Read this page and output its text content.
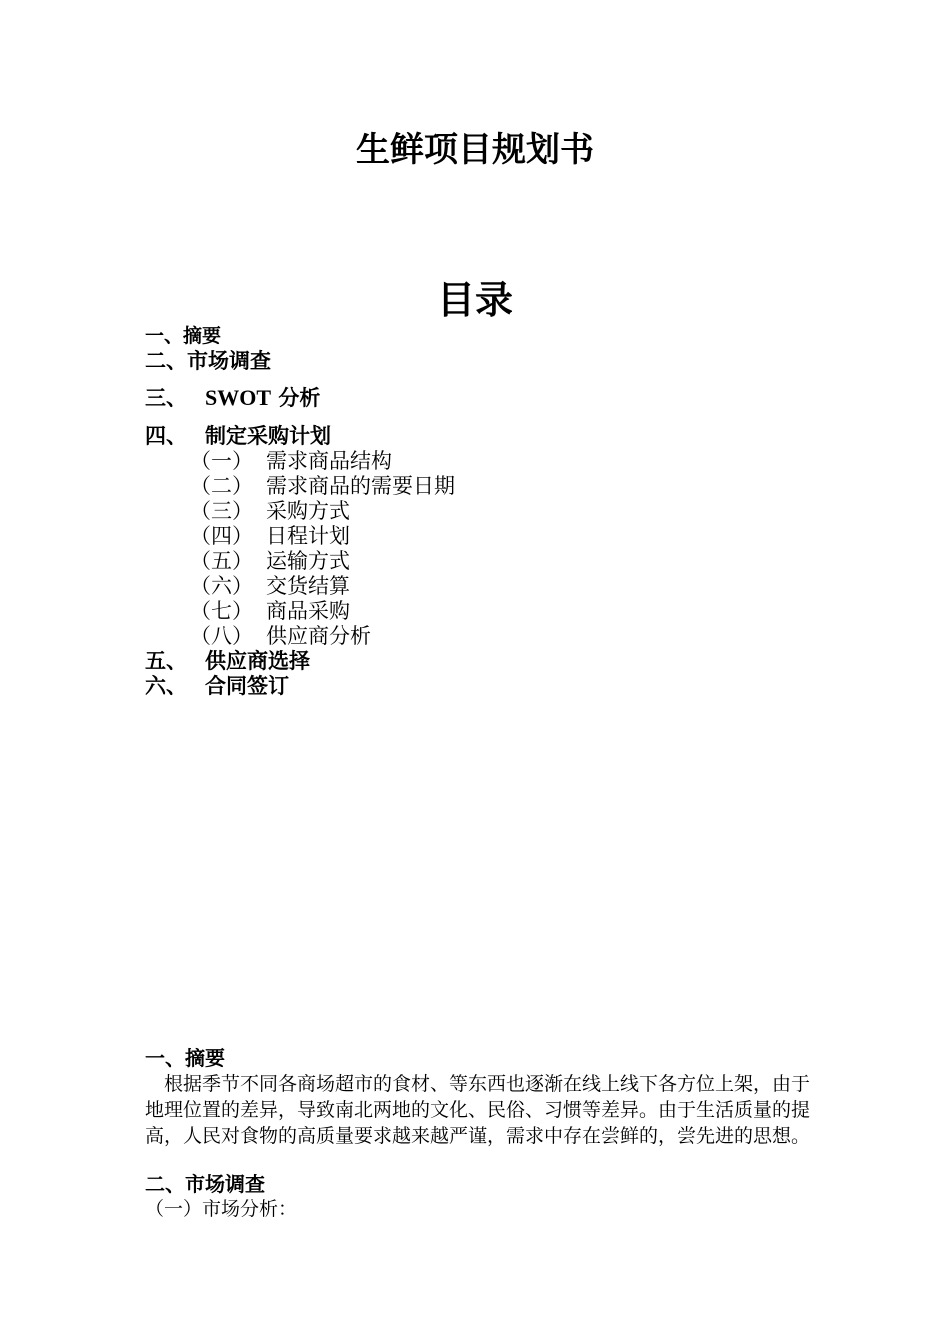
生鲜项目规划书
目录
一、摘要
二、市场调查
三、 SWOT 分析
四、 制定采购计划
（一） 需求商品结构
（二） 需求商品的需要日期
（三） 采购方式
（四） 日程计划
（五） 运输方式
（六） 交货结算
（七） 商品采购
（八） 供应商分析
五、 供应商选择
六、 合同签订
一、摘要
根据季节不同各商场超市的食材、等东西也逐渐在线上线下各方位上架，由于地理位置的差异，导致南北两地的文化、民俗、习惯等差异。由于生活质量的提高，人民对食物的高质量要求越来越严谨，需求中存在尝鲜的，尝先进的思想。
二、市场调查
（一）市场分析：
